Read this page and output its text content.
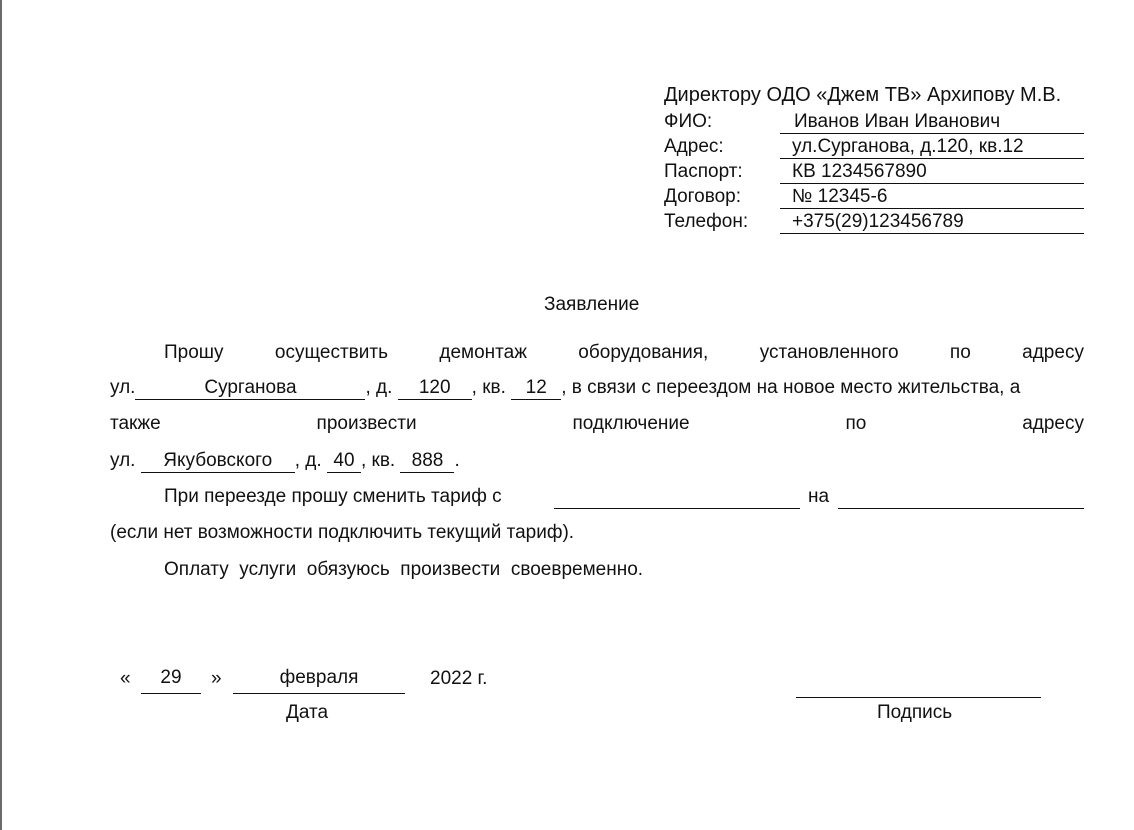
Директору ОДО «Джем ТВ» Архипову М.В.
ФИО:	Иванов Иван Иванович
Адрес:	ул.Сурганова, д.120, кв.12
Паспорт:	КВ 1234567890
Договор:	№ 12345-6
Телефон:	+375(29)123456789
Заявление
Прошу	осуществить	демонтаж	оборудования,	установленного	по	адресу
ул.	Сурганова	, д. 120 , кв. 12 , в связи с переездом на новое место жительства, а
также	произвести	подключение	по	адресу
ул. Якубовского , д. 40 , кв. 888 .
При переезде прошу сменить тариф с	на
(если нет возможности подключить текущий тариф).
Оплату  услуги  обязуюсь  произвести  своевременно.
«	29	»	февраля	2022 г.
Дата	Подпись
